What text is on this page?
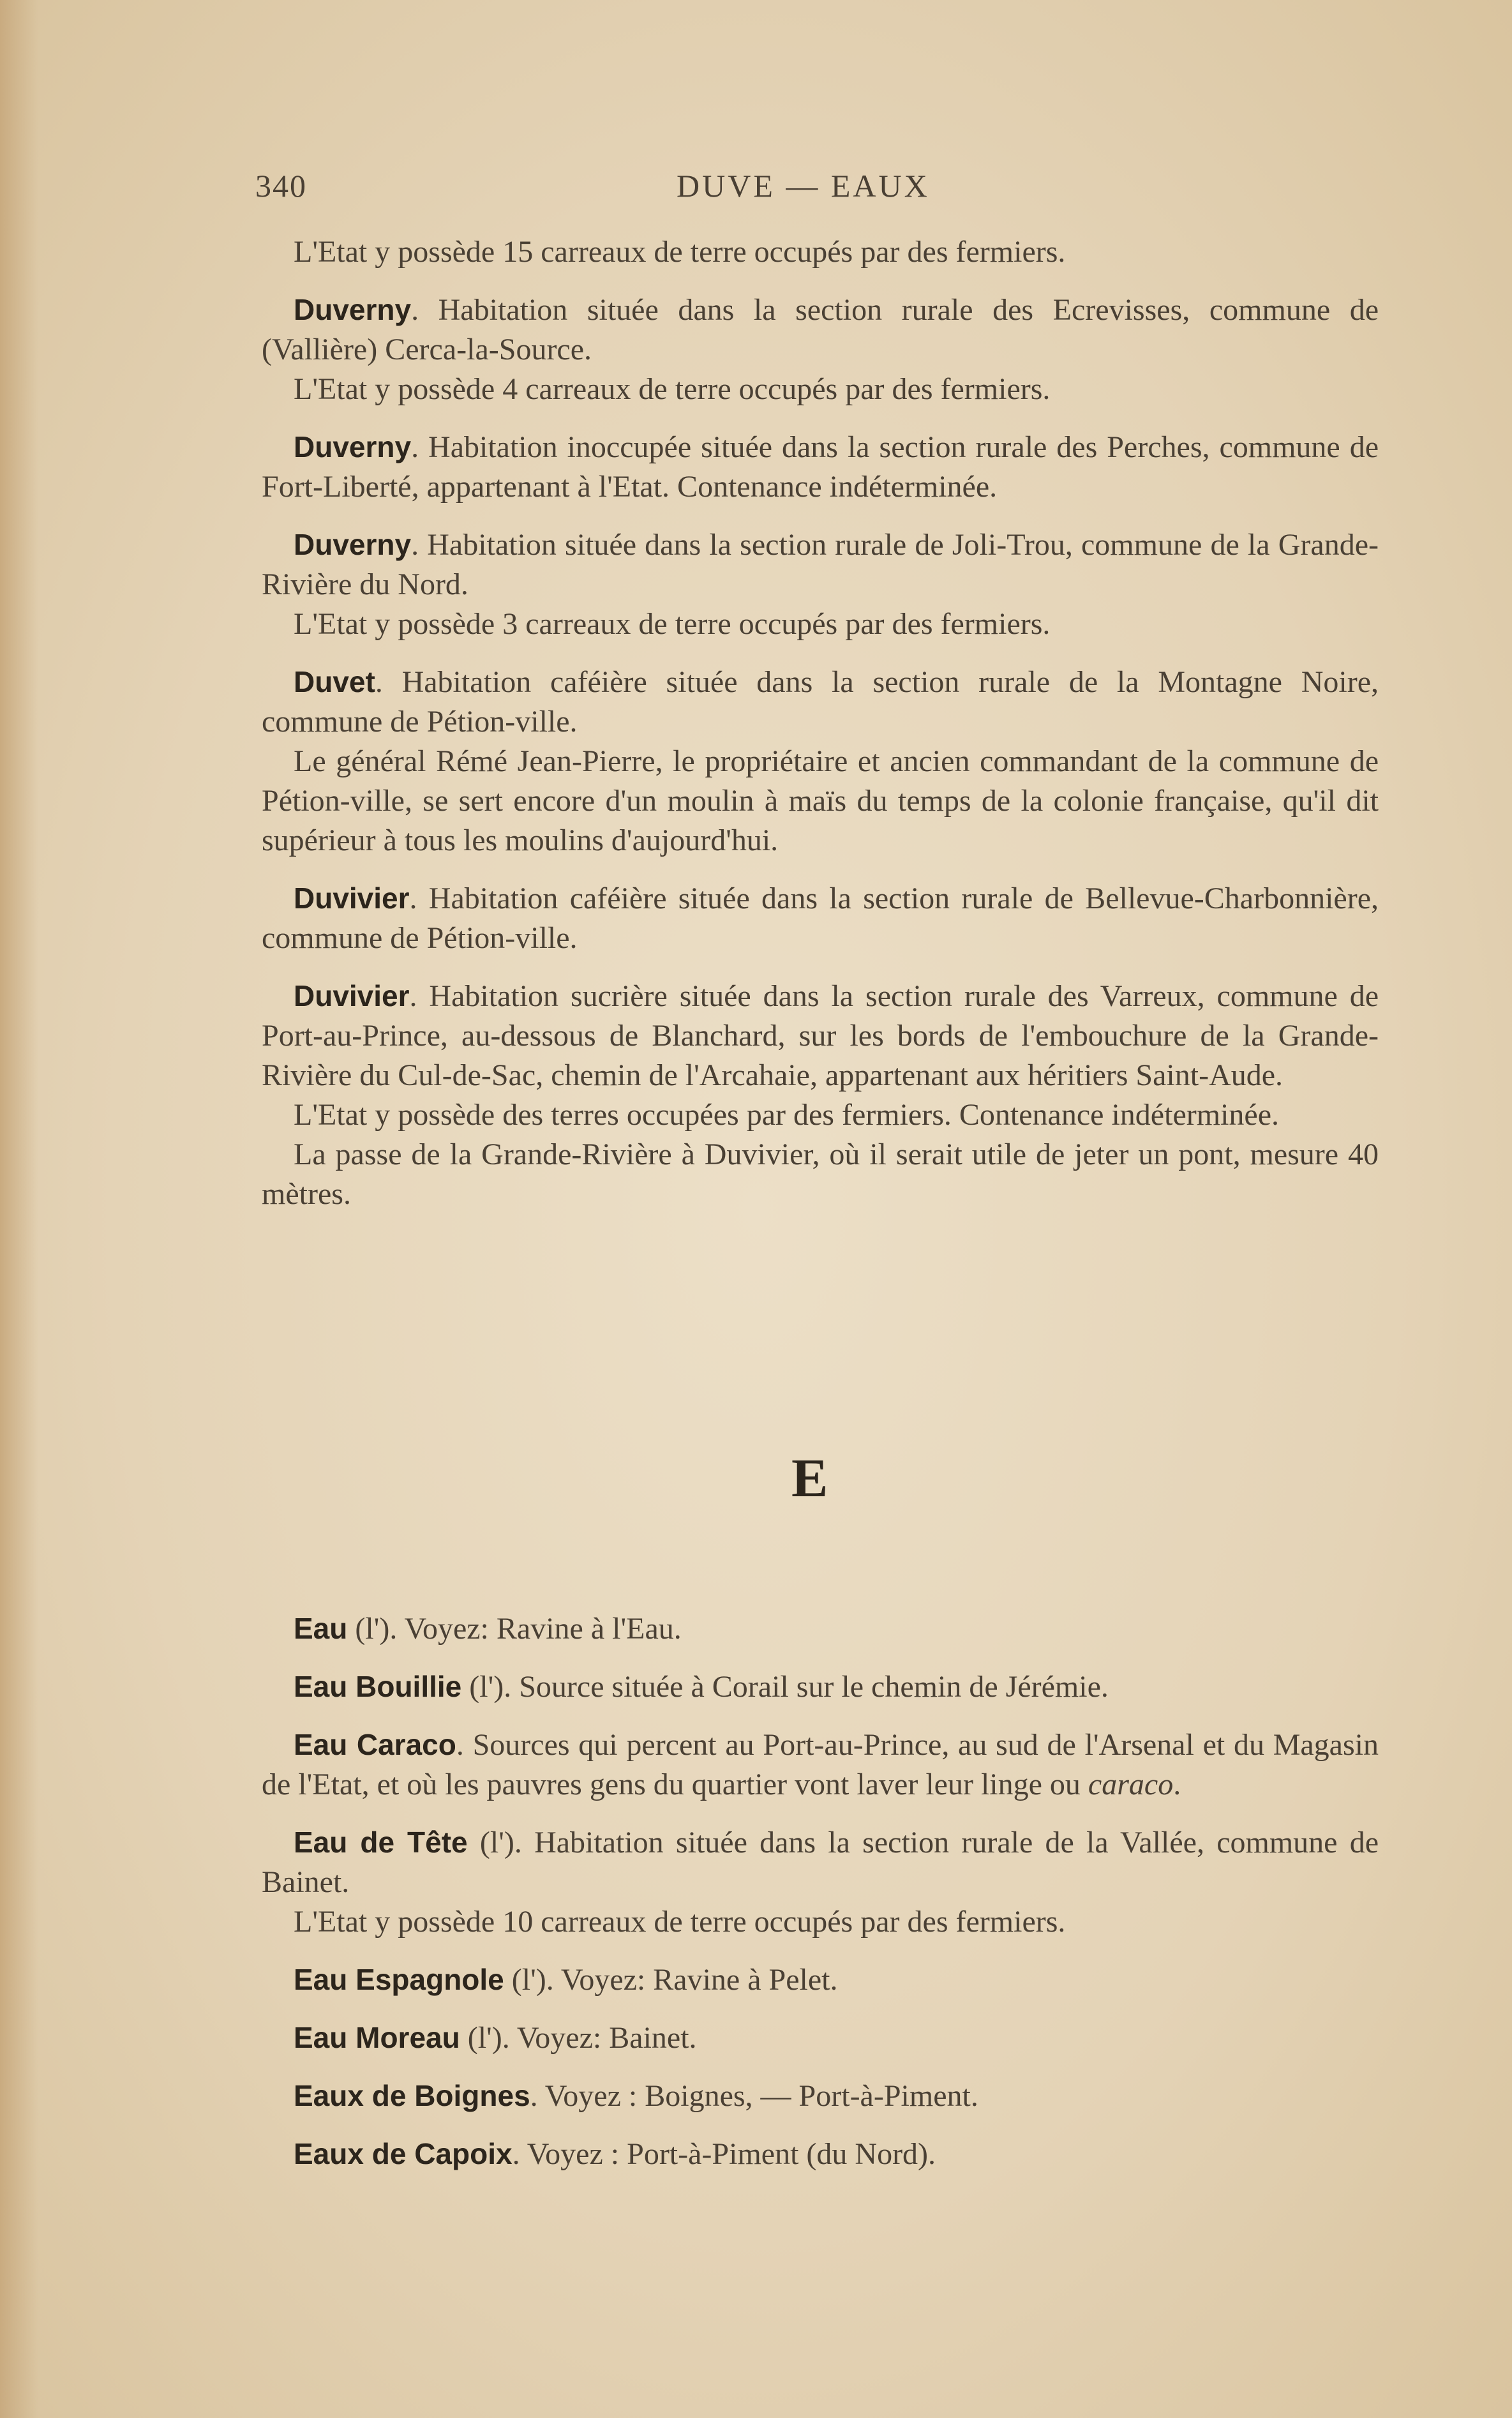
340	DUVE — EAUX

L'Etat y possède 15 carreaux de terre occupés par des fermiers.

Duverny. Habitation située dans la section rurale des Ecrevisses, commune de (Vallière) Cerca-la-Source.

L'Etat y possède 4 carreaux de terre occupés par des fermiers.

Duverny. Habitation inoccupée située dans la section rurale des Perches, commune de Fort-Liberté, appartenant à l'Etat. Contenance indéterminée.

Duverny. Habitation située dans la section rurale de Joli-Trou, commune de la Grande-Rivière du Nord.

L'Etat y possède 3 carreaux de terre occupés par des fermiers.

Duvet. Habitation caféière située dans la section rurale de la Montagne Noire, commune de Pétion-ville.

Le général Rémé Jean-Pierre, le propriétaire et ancien commandant de la commune de Pétion-ville, se sert encore d'un moulin à maïs du temps de la colonie française, qu'il dit supérieur à tous les moulins d'aujourd'hui.

Duvivier. Habitation caféière située dans la section rurale de Bellevue-Charbonnière, commune de Pétion-ville.

Duvivier. Habitation sucrière située dans la section rurale des Varreux, commune de Port-au-Prince, au-dessous de Blanchard, sur les bords de l'embouchure de la Grande-Rivière du Cul-de-Sac, chemin de l'Arcahaie, appartenant aux héritiers Saint-Aude.

L'Etat y possède des terres occupées par des fermiers. Contenance indéterminée.

La passe de la Grande-Rivière à Duvivier, où il serait utile de jeter un pont, mesure 40 mètres.

E

Eau (l'). Voyez: Ravine à l'Eau.

Eau Bouillie (l'). Source située à Corail sur le chemin de Jérémie.

Eau Caraco. Sources qui percent au Port-au-Prince, au sud de l'Arsenal et du Magasin de l'Etat, et où les pauvres gens du quartier vont laver leur linge ou caraco.

Eau de Tête (l'). Habitation située dans la section rurale de la Vallée, commune de Bainet.

L'Etat y possède 10 carreaux de terre occupés par des fermiers.

Eau Espagnole (l'). Voyez: Ravine à Pelet.

Eau Moreau (l'). Voyez: Bainet.

Eaux de Boignes. Voyez : Boignes, — Port-à-Piment.

Eaux de Capoix. Voyez : Port-à-Piment (du Nord).
